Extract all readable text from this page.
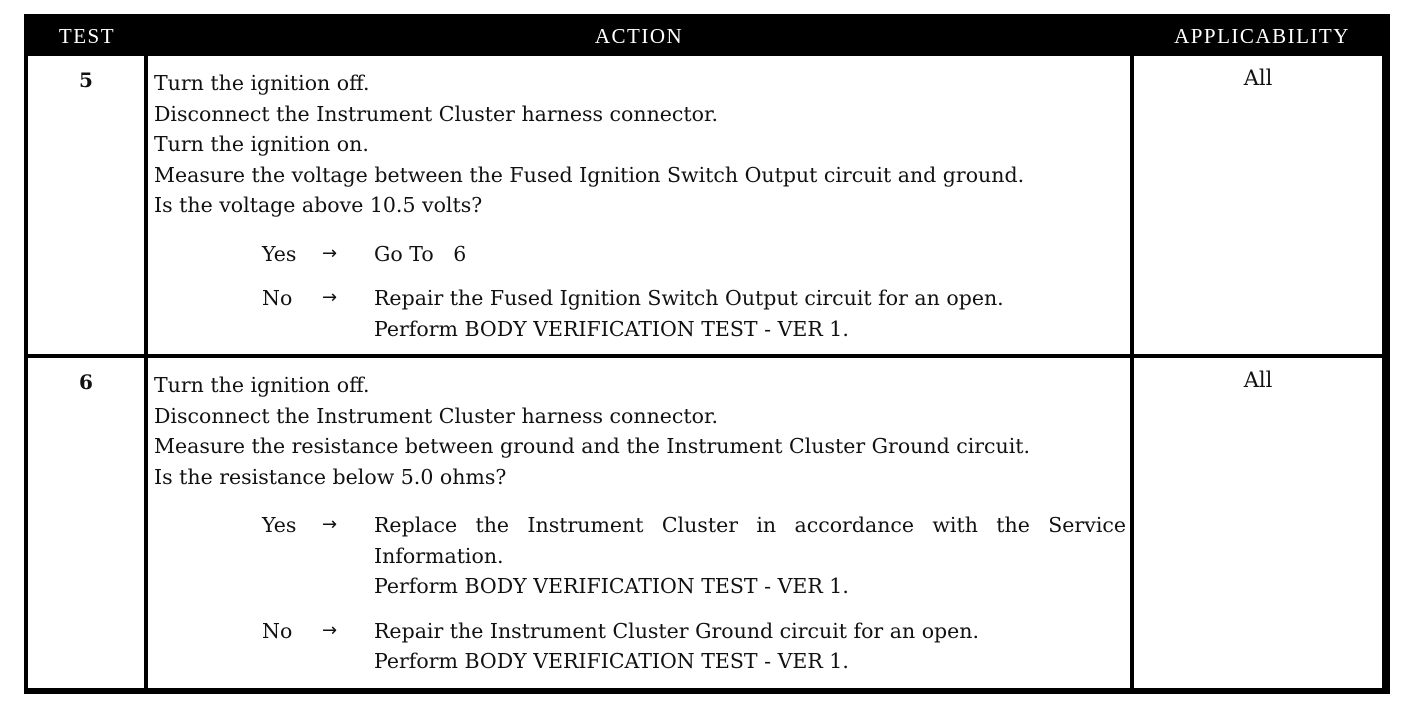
TEST	ACTION	APPLICABILITY
5	Turn the ignition off.
Disconnect the Instrument Cluster harness connector.
Turn the ignition on.
Measure the voltage between the Fused Ignition Switch Output circuit and ground.
Is the voltage above 10.5 volts?
Yes	→	Go To   6
No	→	Repair the Fused Ignition Switch Output circuit for an open.
Perform BODY VERIFICATION TEST - VER 1.
All
6	Turn the ignition off.
Disconnect the Instrument Cluster harness connector.
Measure the resistance between ground and the Instrument Cluster Ground circuit.
Is the resistance below 5.0 ohms?
Yes	→	Replace the Instrument Cluster in accordance with the Service
Information.
Perform BODY VERIFICATION TEST - VER 1.
No	→	Repair the Instrument Cluster Ground circuit for an open.
Perform BODY VERIFICATION TEST - VER 1.
All
